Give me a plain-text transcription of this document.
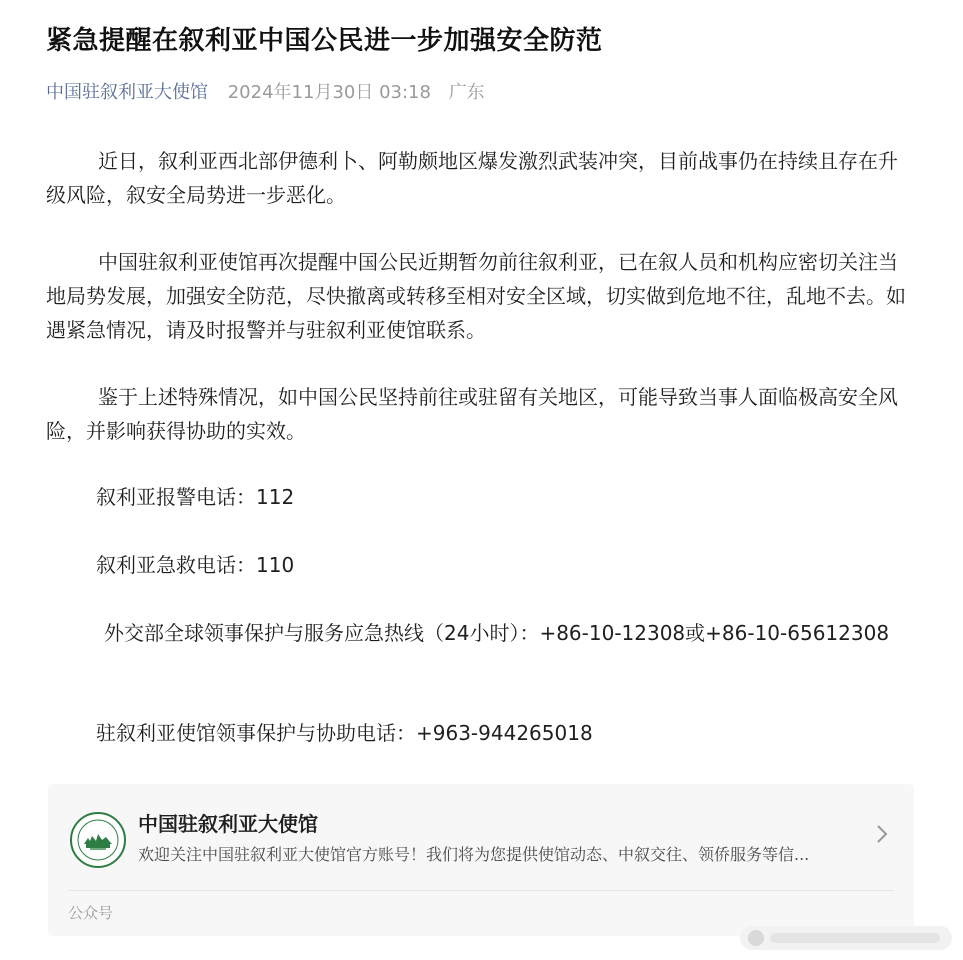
紧急提醒在叙利亚中国公民进一步加强安全防范
中国驻叙利亚大使馆 2024年11月30日 03:18 广东

近日，叙利亚西北部伊德利卜、阿勒颇地区爆发激烈武装冲突，目前战事仍在持续且存在升级风险，叙安全局势进一步恶化。

中国驻叙利亚使馆再次提醒中国公民近期暂勿前往叙利亚，已在叙人员和机构应密切关注当地局势发展，加强安全防范，尽快撤离或转移至相对安全区域，切实做到危地不往，乱地不去。如遇紧急情况，请及时报警并与驻叙利亚使馆联系。

鉴于上述特殊情况，如中国公民坚持前往或驻留有关地区，可能导致当事人面临极高安全风险，并影响获得协助的实效。

叙利亚报警电话：112
叙利亚急救电话：110

外交部全球领事保护与服务应急热线（24小时）：+86-10-12308或+86-10-65612308

驻叙利亚使馆领事保护与协助电话：+963-944265018
中国驻叙利亚大使馆
欢迎关注中国驻叙利亚大使馆官方账号！我们将为您提供使馆动态、中叙交往、领侨服务等信...
公众号
